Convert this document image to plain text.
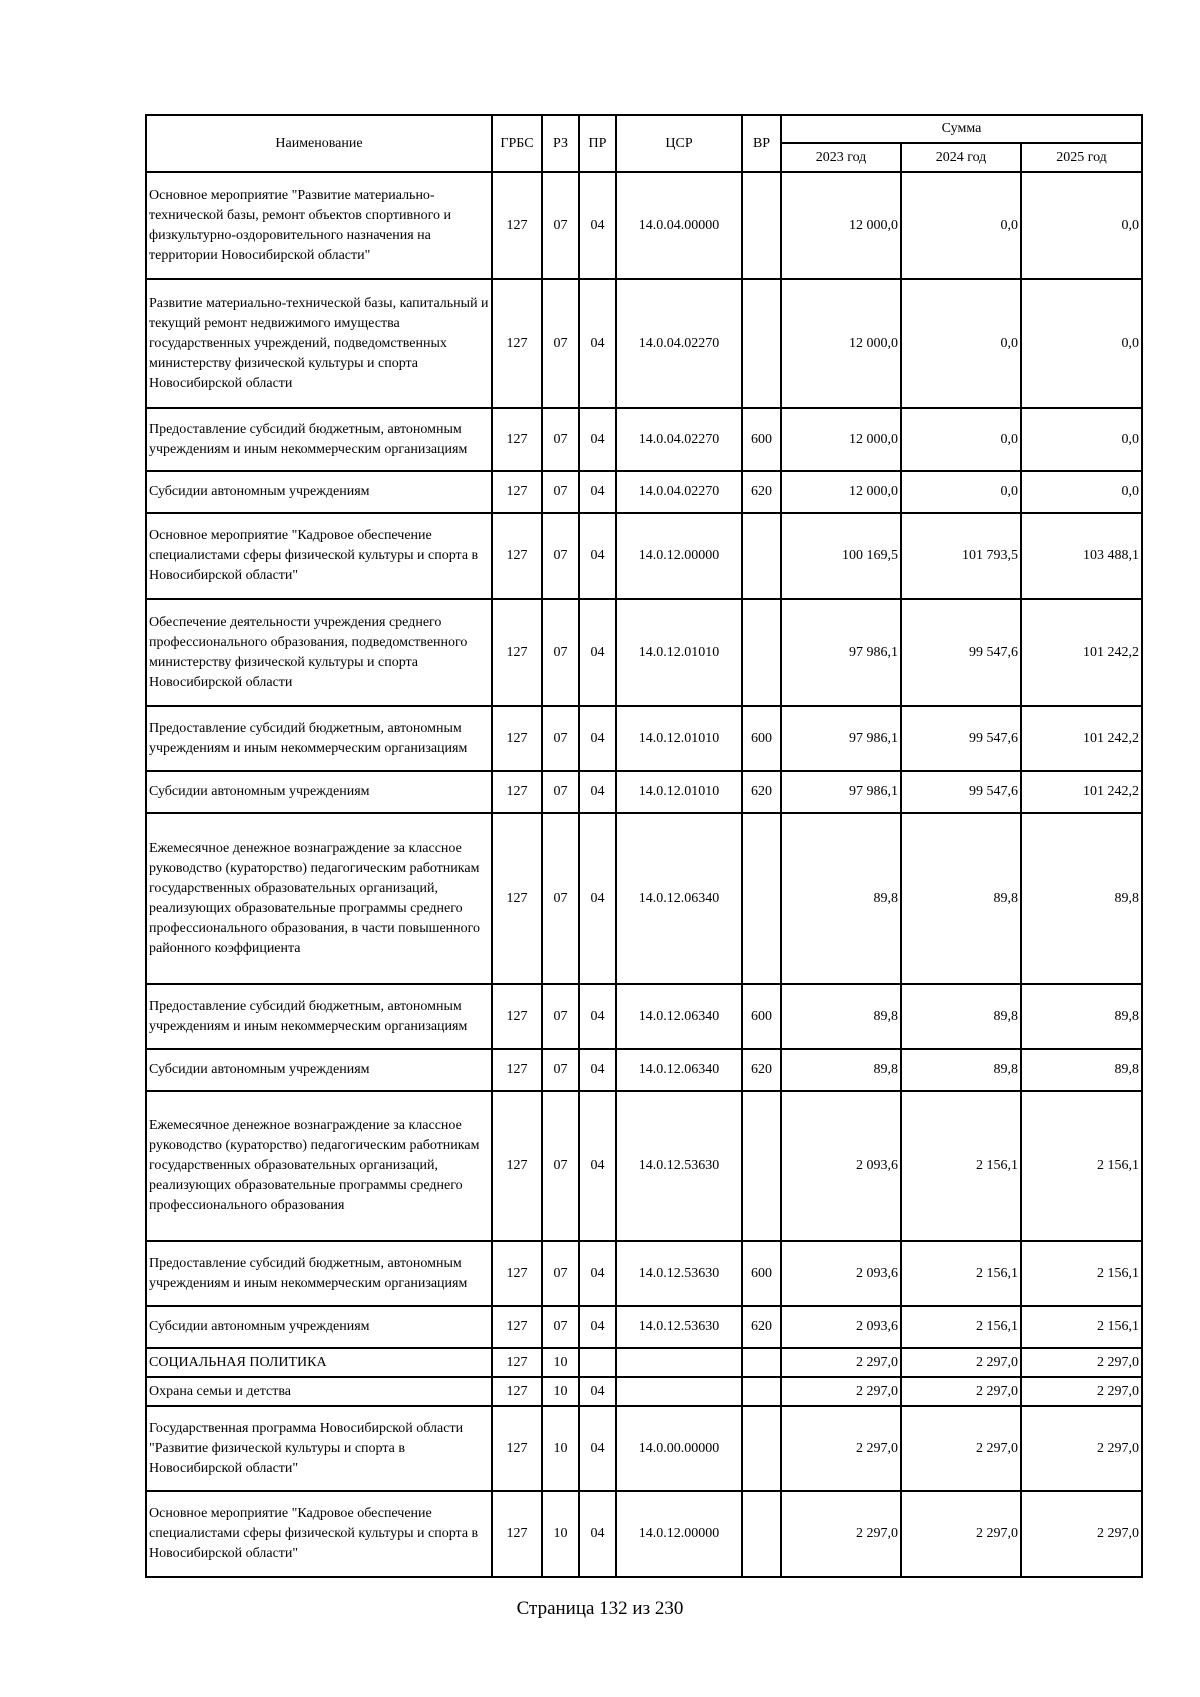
Наименование	ГРБС	РЗ	ПР	ЦСР	ВР	Сумма		
						2023 год	2024 год	2025 год
Основное мероприятие "Развитие материально-технической базы, ремонт объектов спортивного и физкультурно-оздоровительного назначения на территории Новосибирской области"	127	07	04	14.0.04.00000		12 000,0	0,0	0,0
Развитие материально-технической базы, капитальный и текущий ремонт недвижимого имущества государственных учреждений, подведомственных министерству физической культуры и спорта Новосибирской области	127	07	04	14.0.04.02270		12 000,0	0,0	0,0
Предоставление субсидий бюджетным, автономным учреждениям и иным некоммерческим организациям	127	07	04	14.0.04.02270	600	12 000,0	0,0	0,0
Субсидии автономным учреждениям	127	07	04	14.0.04.02270	620	12 000,0	0,0	0,0
Основное мероприятие "Кадровое обеспечение специалистами сферы физической культуры и спорта в Новосибирской области"	127	07	04	14.0.12.00000		100 169,5	101 793,5	103 488,1
Обеспечение деятельности учреждения среднего профессионального образования, подведомственного министерству физической культуры и спорта Новосибирской области	127	07	04	14.0.12.01010		97 986,1	99 547,6	101 242,2
Предоставление субсидий бюджетным, автономным учреждениям и иным некоммерческим организациям	127	07	04	14.0.12.01010	600	97 986,1	99 547,6	101 242,2
Субсидии автономным учреждениям	127	07	04	14.0.12.01010	620	97 986,1	99 547,6	101 242,2
Ежемесячное денежное вознаграждение за классное руководство (кураторство) педагогическим работникам государственных образовательных организаций, реализующих образовательные программы среднего профессионального образования, в части повышенного районного коэффициента	127	07	04	14.0.12.06340		89,8	89,8	89,8
Предоставление субсидий бюджетным, автономным учреждениям и иным некоммерческим организациям	127	07	04	14.0.12.06340	600	89,8	89,8	89,8
Субсидии автономным учреждениям	127	07	04	14.0.12.06340	620	89,8	89,8	89,8
Ежемесячное денежное вознаграждение за классное руководство (кураторство) педагогическим работникам государственных образовательных организаций, реализующих образовательные программы среднего профессионального образования	127	07	04	14.0.12.53630		2 093,6	2 156,1	2 156,1
Предоставление субсидий бюджетным, автономным учреждениям и иным некоммерческим организациям	127	07	04	14.0.12.53630	600	2 093,6	2 156,1	2 156,1
Субсидии автономным учреждениям	127	07	04	14.0.12.53630	620	2 093,6	2 156,1	2 156,1
СОЦИАЛЬНАЯ ПОЛИТИКА	127	10				2 297,0	2 297,0	2 297,0
Охрана семьи и детства	127	10	04			2 297,0	2 297,0	2 297,0
Государственная программа Новосибирской области "Развитие физической культуры и спорта в Новосибирской области"	127	10	04	14.0.00.00000		2 297,0	2 297,0	2 297,0
Основное мероприятие "Кадровое обеспечение специалистами сферы физической культуры и спорта в Новосибирской области"	127	10	04	14.0.12.00000		2 297,0	2 297,0	2 297,0
Страница 132 из 230
